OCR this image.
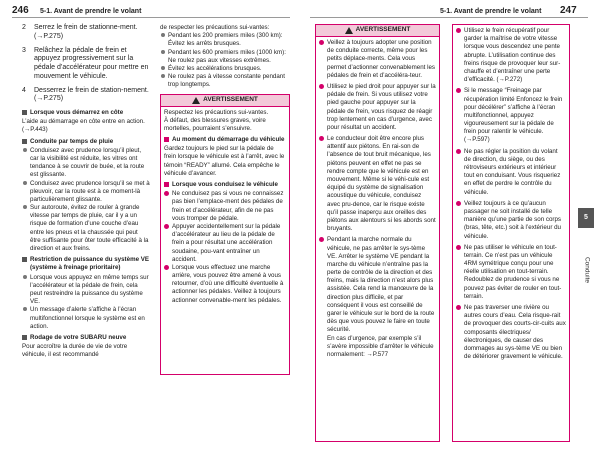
246 5-1. Avant de prendre le volant	5-1. Avant de prendre le volant 247
5
Conduite
2	Serrez le frein de stationne-ment. (→P.275)
3	Relâchez la pédale de frein et appuyez progressivement sur la pédale d’accélérateur pour mettre en mouvement le véhicule.
4	Desserrez le frein de station-nement. (→P.275)
Lorsque vous démarrez en côte

L’aide au démarrage en côte entre en action. (→P.443)

Conduite par temps de pluie
Conduisez avec prudence lorsqu’il pleut, car la visibilité est réduite, les vitres ont tendance à se couvrir de buée, et la route est glissante.
Conduisez avec prudence lorsqu’il se met à pleuvoir, car la route est à ce moment-là particulièrement glissante.
Sur autoroute, évitez de rouler à grande vitesse par temps de pluie, car il y a un risque de formation d’une couche d’eau entre les pneus et la chaussée qui peut être suffisante pour ôter toute efficacité à la direction et aux freins.
Restriction de puissance du système VE (système à freinage prioritaire)
Lorsque vous appuyez en même temps sur l’accélérateur et la pédale de frein, cela peut restreindre la puissance du système VE.
Un message d’alerte s’affiche à l’écran multifonctionnel lorsque le système est en action.
Rodage de votre SUBARU neuve

Pour accroître la durée de vie de votre véhicule, il est recommandé

de respecter les précautions sui-vantes:

Pendant les 200 premiers miles (300 km):
Évitez les arrêts brusques.
Pendant les 600 premiers miles (1000 km):
Ne roulez pas aux vitesses extrêmes.
Évitez les accélérations brusques.
Ne roulez pas à vitesse constante pendant trop longtemps.
AVERTISSEMENT

Respectez les précautions sui-vantes.

À défaut, des blessures graves, voire mortelles, pourraient s’ensuivre.

Au moment du démarrage du véhicule

Gardez toujours le pied sur la pédale de frein lorsque le véhicule est à l’arrêt, avec le témoin “READY” allumé. Cela empêche le véhicule d’avancer.

Lorsque vous conduisez le véhicule
Ne conduisez pas si vous ne connaissez pas bien l’emplace-ment des pédales de frein et d’accélérateur, afin de ne pas vous tromper de pédale.
Appuyer accidentellement sur la pédale d’accélérateur au lieu de la pédale de frein a pour résultat une accélération soudaine, pou-vant entraîner un accident.
Lorsque vous effectuez une marche arrière, vous pouvez être amené à vous retourner, d’où une difficulté éventuelle à actionner les pédales. Veillez à toujours actionner convenable-ment les pédales.
AVERTISSEMENT
Veillez à toujours adopter une position de conduite correcte, même pour les petits déplace-ments. Cela vous permet d’actionner convenablement les pédales de frein et d’accéléra-teur.
Utilisez le pied droit pour appuyer sur la pédale de frein. Si vous utilisez votre pied gauche pour appuyer sur la pédale de frein, vous risquez de réagir trop lentement en cas d’urgence, avec pour résultat un accident.
Le conducteur doit être encore plus attentif aux piétons. En rai-son de l’absence de tout bruit mécanique, les piétons peuvent en effet ne pas se rendre compte que le véhicule est en mouvement. Même si le véhi-cule est équipé du système de signalisation acoustique du véhicule, conduisez avec pru-dence, car le risque existe qu’il passe inaperçu aux oreilles des piétons aux alentours si les abords sont bruyants.
Pendant la marche normale du véhicule, ne pas arrêter le sys-tème VE. Arrêter le système VE pendant la marche du véhicule n’entraîne pas la perte de contrôle de la direction et des freins, mais la direction n’est alors plus assistée. Cela rend la manœuvre de la direction plus difficile, et par conséquent il vous est conseillé de garer le véhicule sur le bord de la route dès que vous pouvez le faire en toute sécurité.

En cas d’urgence, par exemple s’il s’avère impossible d’arrêter le véhicule normalement: →P.577

Utilisez le frein récupératif pour garder la maîtrise de votre vitesse lorsque vous descendez une pente abrupte. L’utilisation continue des freins risque de provoquer leur sur-chauffe et d’entraîner une perte d’efficacité. (→P.272)
Si le message “Freinage par récupération limité Enfoncez le frein pour décélérer” s’affiche à l’écran multifonctionnel, appuyez vigoureusement sur la pédale de frein pour ralentir le véhicule. (→P.597)
Ne pas régler la position du volant de direction, du siège, ou des rétroviseurs extérieurs et intérieur tout en conduisant. Vous risqueriez en effet de perdre le contrôle du véhicule.
Veillez toujours à ce qu’aucun passager ne soit installé de telle manière qu’une partie de son corps (bras, tête, etc.) soit à l’extérieur du véhicule.
Ne pas utiliser le véhicule en tout-terrain. Ce n’est pas un véhicule 4RM symétrique conçu pour une réelle utilisation en tout-terrain. Redoublez de prudence si vous ne pouvez pas éviter de rouler en tout-terrain.
Ne pas traverser une rivière ou autres cours d’eau. Cela risque-rait de provoquer des courts-cir-cuits aux composants électriques/électroniques, de causer des dommages au sys-tème VE ou bien de détériorer gravement le véhicule.
